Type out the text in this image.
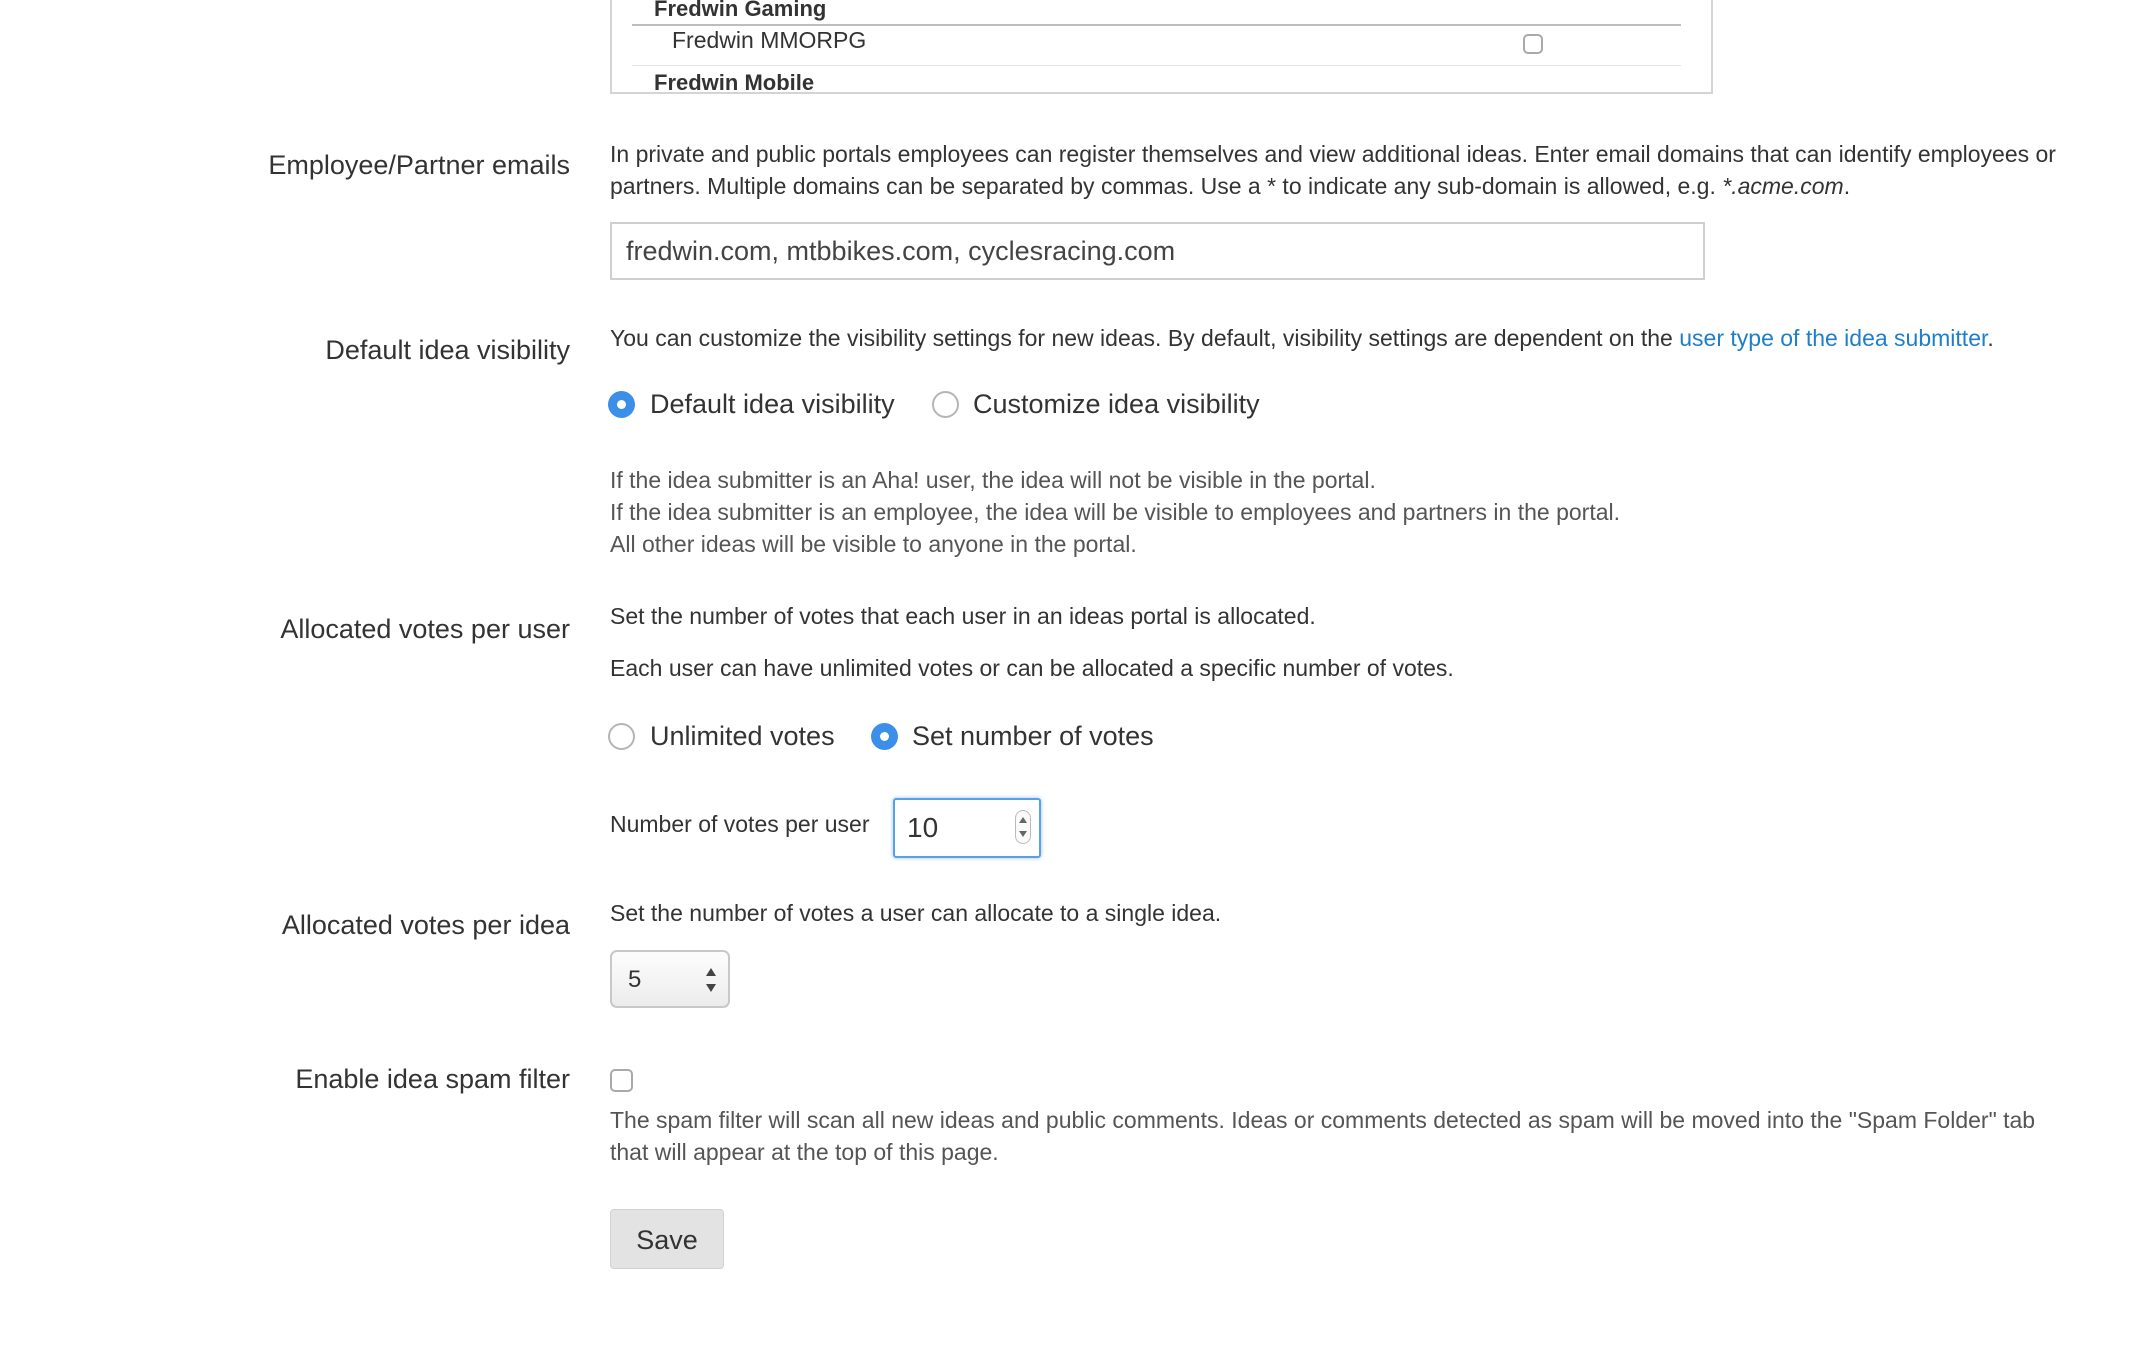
Fredwin Gaming
Fredwin MMORPG
Fredwin Mobile
Employee/Partner emails In private and public portals employees can register themselves and view additional ideas. Enter email domains that can identify employees or
partners. Multiple domains can be separated by commas. Use a * to indicate any sub-domain is allowed, e.g. *.acme.com.
fredwin.com, mtbbikes.com, cyclesracing.com
Default idea visibility You can customize the visibility settings for new ideas. By default, visibility settings are dependent on the user type of the idea submitter.
Default idea visibility	Customize idea visibility
If the idea submitter is an Aha! user, the idea will not be visible in the portal.
If the idea submitter is an employee, the idea will be visible to employees and partners in the portal.
All other ideas will be visible to anyone in the portal.
Allocated votes per user Set the number of votes that each user in an ideas portal is allocated.
Each user can have unlimited votes or can be allocated a specific number of votes.
Unlimited votes	Set number of votes
Number of votes per user 10
Allocated votes per idea Set the number of votes a user can allocate to a single idea.
5
Enable idea spam filter
The spam filter will scan all new ideas and public comments. Ideas or comments detected as spam will be moved into the "Spam Folder" tab
that will appear at the top of this page.
Save
